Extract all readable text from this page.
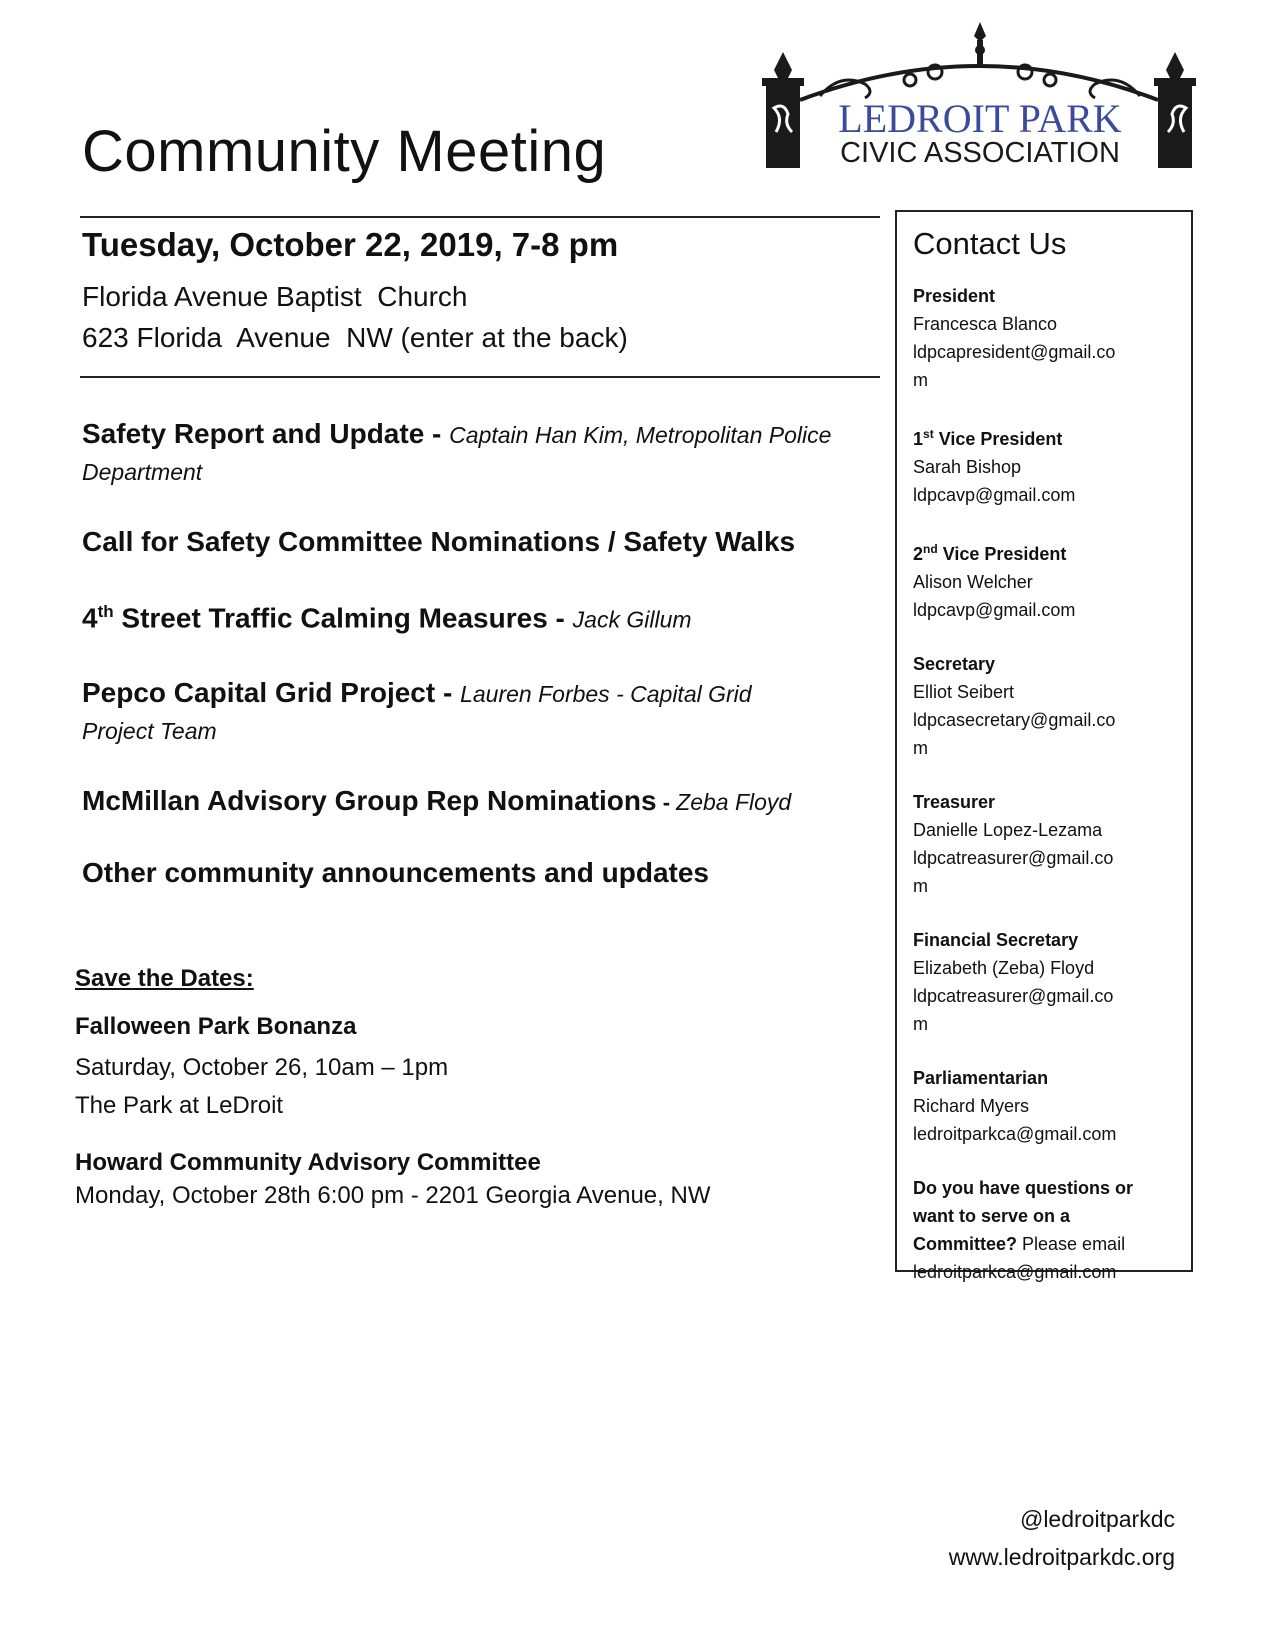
Community Meeting
LEDROIT PARK
CIVIC ASSOCIATION
Tuesday, October 22, 2019, 7-8 pm
Florida Avenue Baptist  Church
623 Florida  Avenue  NW (enter at the back)
Safety Report and Update - Captain Han Kim, Metropolitan Police Department
Call for Safety Committee Nominations / Safety Walks
4th Street Traffic Calming Measures - Jack Gillum
Pepco Capital Grid Project - Lauren Forbes - Capital Grid Project Team
McMillan Advisory Group Rep Nominations - Zeba Floyd
Other community announcements and updates
Save the Dates:
Falloween Park Bonanza
Saturday, October 26, 10am – 1pm
The Park at LeDroit
Howard Community Advisory Committee
Monday, October 28th 6:00 pm - 2201 Georgia Avenue, NW
Contact Us
President
Francesca Blanco
ldpcapresident@gmail.com
1st Vice President
Sarah Bishop
ldpcavp@gmail.com
2nd Vice President
Alison Welcher
ldpcavp@gmail.com
Secretary
Elliot Seibert
ldpcasecretary@gmail.com
Treasurer
Danielle Lopez-Lezama
ldpcatreasurer@gmail.co m
Financial Secretary
Elizabeth (Zeba) Floyd
ldpcatreasurer@gmail.co m
Parliamentarian
Richard Myers
ledroitparkca@gmail.com
Do you have questions or want to serve on a Committee? Please email
ledroitparkca@gmail.com
@ledroitparkdc
www.ledroitparkdc.org
